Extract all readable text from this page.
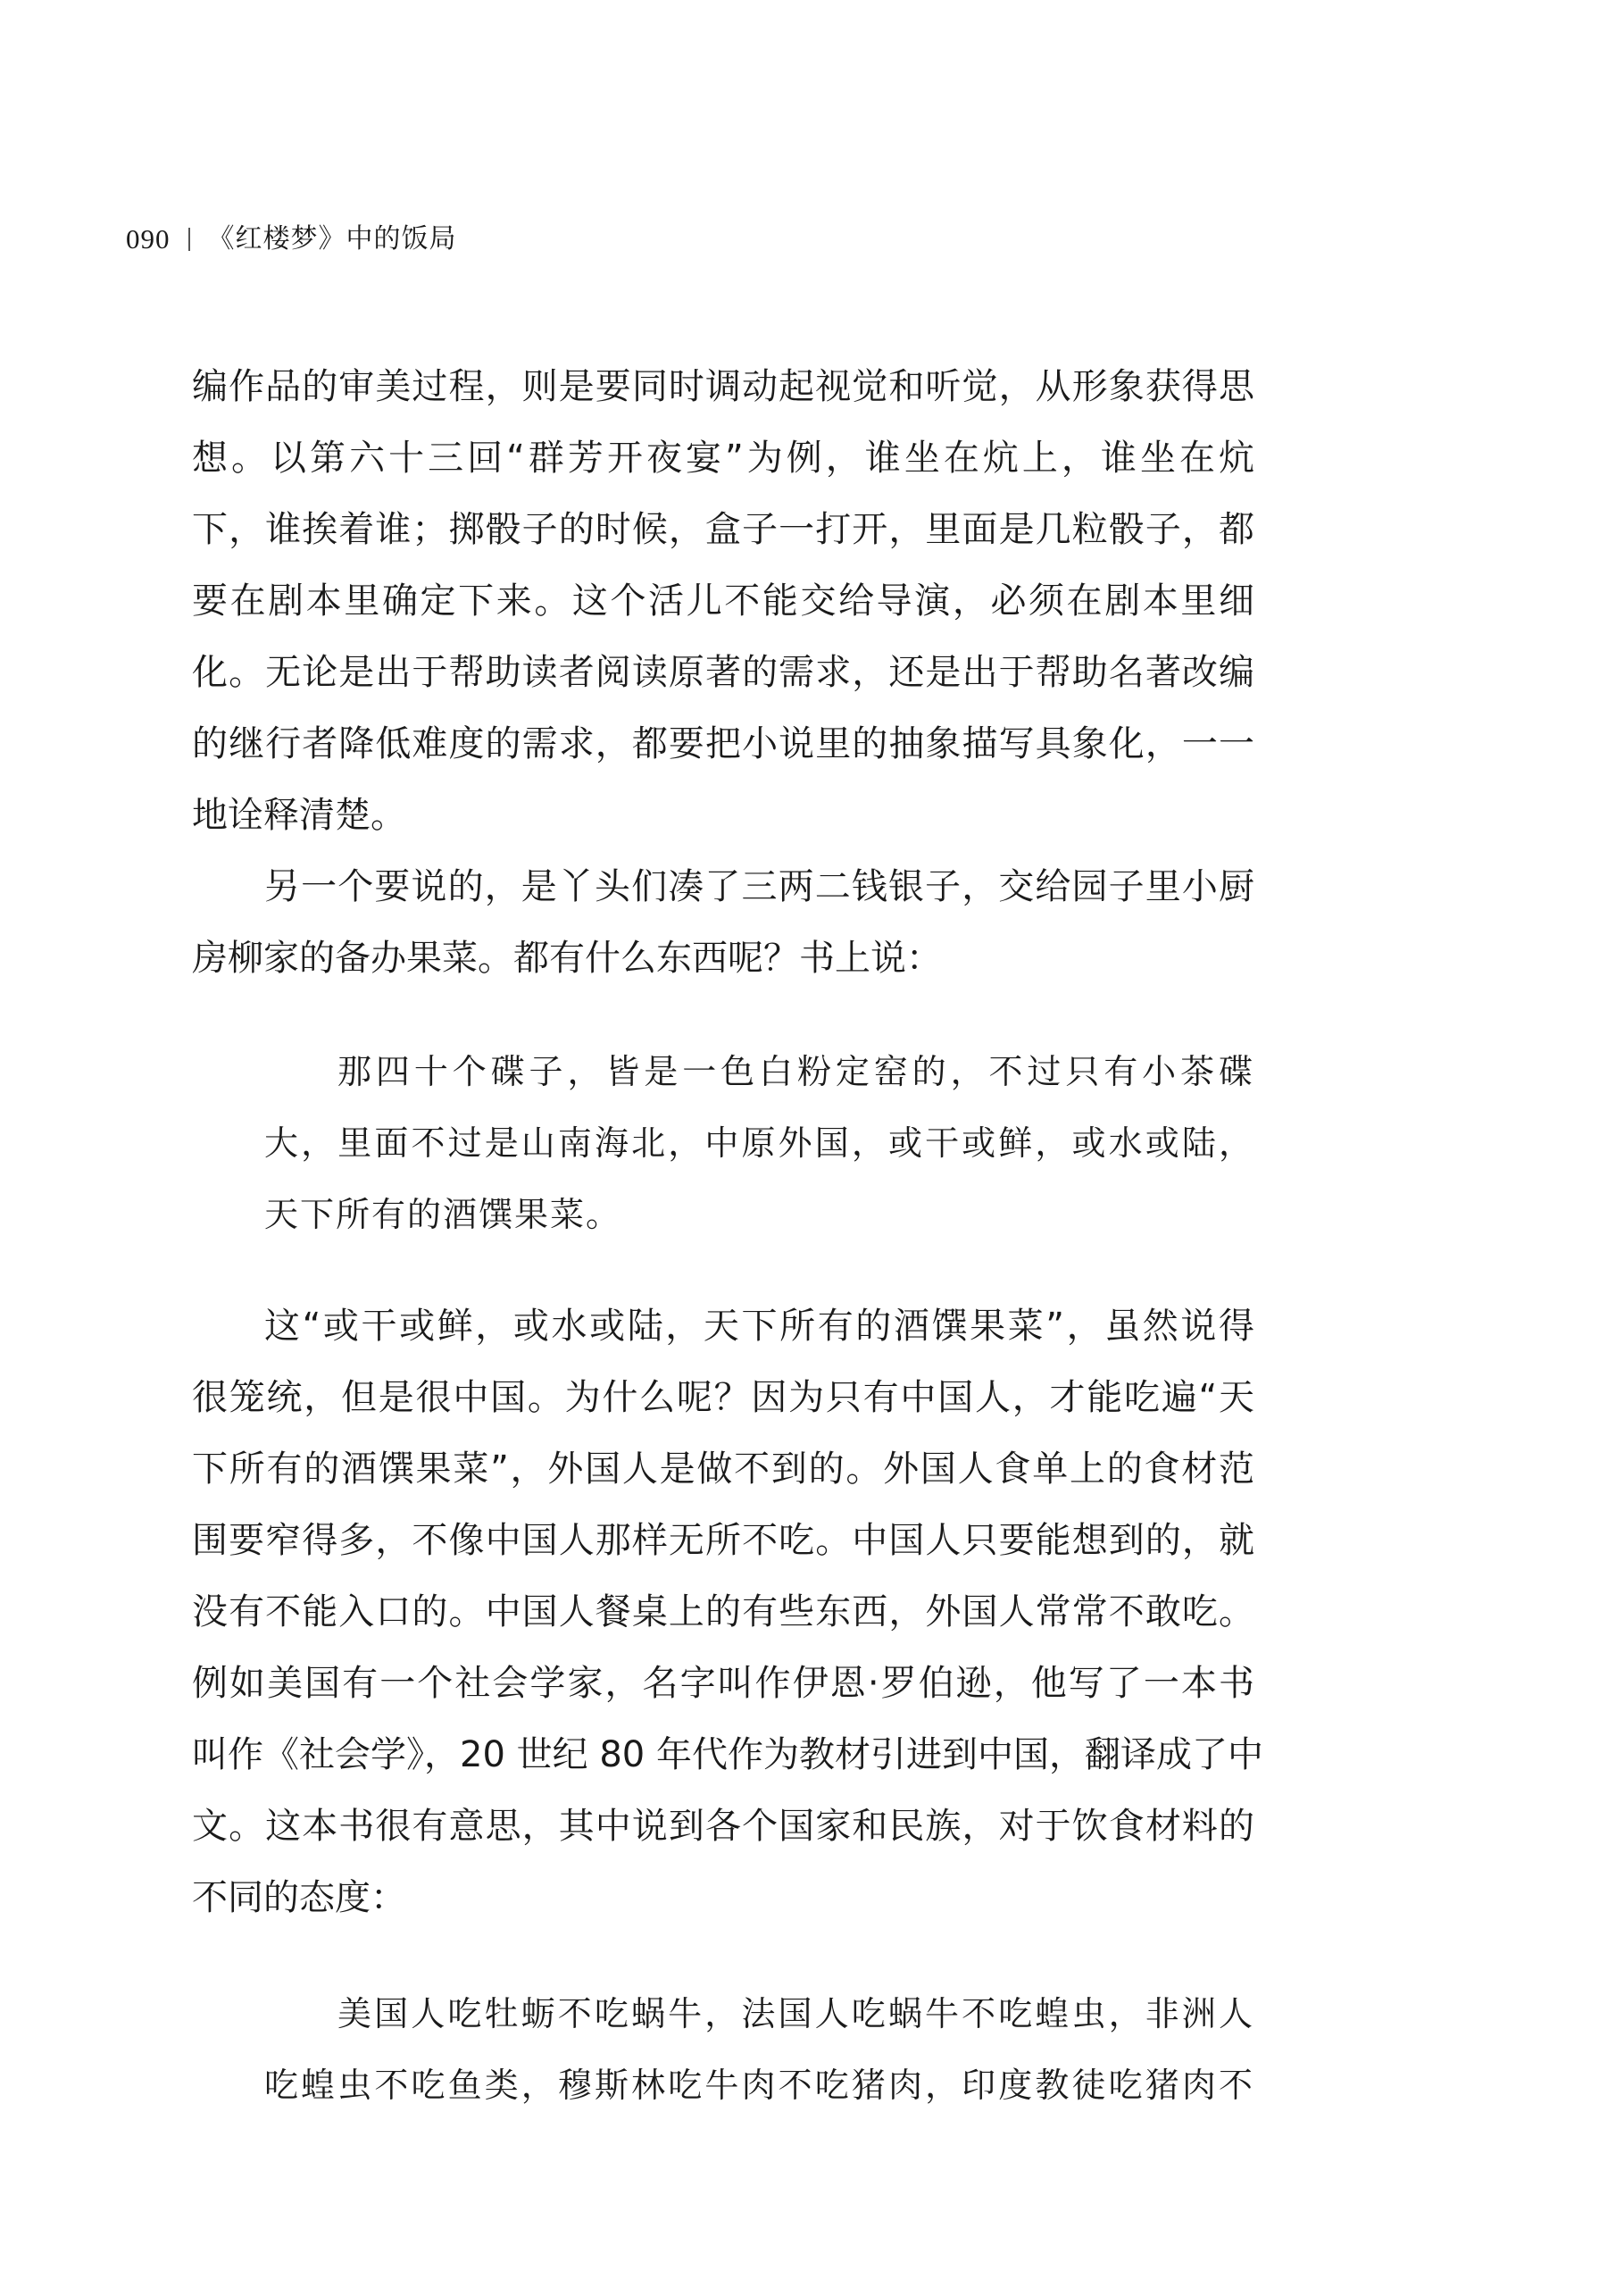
090 《红楼梦》中的饭局
编作品的审美过程，则是要同时调动起视觉和听觉，从形象获得思
想。以第六十三回“群芳开夜宴”为例，谁坐在炕上，谁坐在炕
下，谁挨着谁；掷骰子的时候，盒子一打开，里面是几粒骰子，都
要在剧本里确定下来。这个活儿不能交给导演，必须在剧本里细
化。无论是出于帮助读者阅读原著的需求，还是出于帮助名著改编
的继行者降低难度的需求，都要把小说里的抽象描写具象化，一一
地诠释清楚。
另一个要说的，是丫头们凑了三两二钱银子，交给园子里小厨
房柳家的备办果菜。都有什么东西呢？书上说：
那四十个碟子，皆是一色白粉定窑的，不过只有小茶碟
大，里面不过是山南海北，中原外国，或干或鲜，或水或陆，
天下所有的酒馔果菜。
这“或干或鲜，或水或陆，天下所有的酒馔果菜”，虽然说得
很笼统，但是很中国。为什么呢？因为只有中国人，才能吃遍“天
下所有的酒馔果菜”，外国人是做不到的。外国人食单上的食材范
围要窄得多，不像中国人那样无所不吃。中国人只要能想到的，就
没有不能入口的。中国人餐桌上的有些东西，外国人常常不敢吃。
例如美国有一个社会学家，名字叫作伊恩·罗伯逊，他写了一本书
叫作《社会学》，20 世纪 80 年代作为教材引进到中国，翻译成了中
文。这本书很有意思，其中说到各个国家和民族，对于饮食材料的
不同的态度：
美国人吃牡蛎不吃蜗牛，法国人吃蜗牛不吃蝗虫，非洲人
吃蝗虫不吃鱼类，穆斯林吃牛肉不吃猪肉，印度教徒吃猪肉不
